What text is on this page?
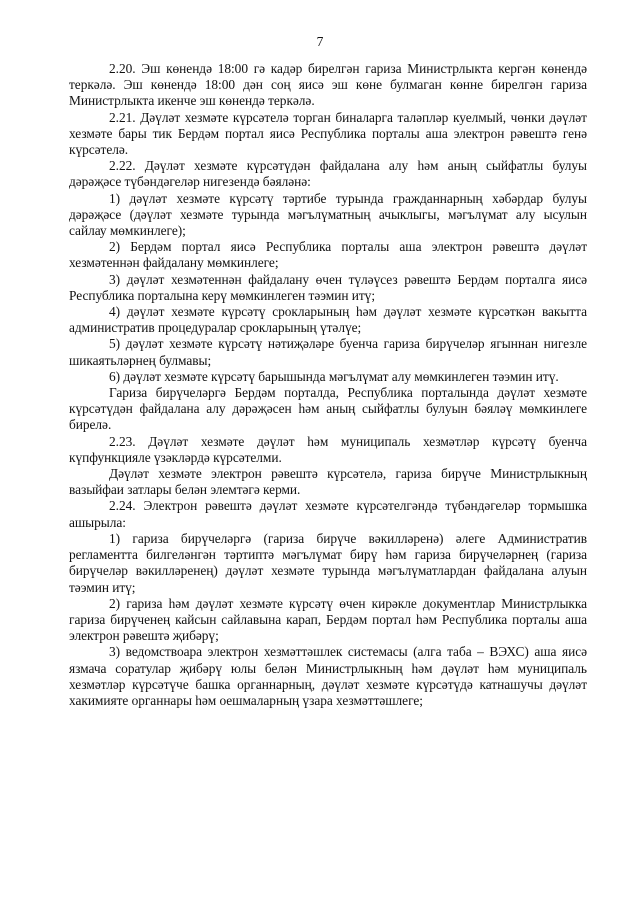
7

2.20. Эш көнендә 18:00 гә кадәр бирелгән гариза Министрлыкта кергән көнендә теркәлә. Эш көнендә 18:00 дән соң яисә эш көне булмаган көнне бирелгән гариза Министрлыкта икенче эш көнендә теркәлә.

2.21. Дәүләт хезмәте күрсәтелә торган биналарга таләпләр куелмый, чөнки дәүләт хезмәте бары тик Бердәм портал яисә Республика порталы аша электрон рәвештә генә күрсәтелә.

2.22. Дәүләт хезмәте күрсәтүдән файдалана алу һәм аның сыйфатлы булуы дәрәҗәсе түбәндәгеләр нигезендә бәяләнә:

1) дәүләт хезмәте күрсәтү тәртибе турында гражданнарның хәбәрдар булуы дәрәҗәсе (дәүләт хезмәте турында мәгълүматның ачыклыгы, мәгълүмат алу ысулын сайлау мөмкинлеге);

2) Бердәм портал яисә Республика порталы аша электрон рәвештә дәүләт хезмәтеннән файдалану мөмкинлеге;

3) дәүләт хезмәтеннән файдалану өчен түләүсез рәвештә Бердәм порталга яисә Республика порталына керү мөмкинлеген тәэмин итү;

4) дәүләт хезмәте күрсәтү срокларының һәм дәүләт хезмәте күрсәткән вакытта административ процедуралар срокларының үтәлүе;

5) дәүләт хезмәте күрсәтү нәтиҗәләре буенча гариза бирүчеләр ягыннан нигезле шикаятьләрнең булмавы;

6) дәүләт хезмәте күрсәтү барышында мәгълүмат алу мөмкинлеген тәэмин итү.

Гариза бирүчеләргә Бердәм порталда, Республика порталында дәүләт хезмәте күрсәтүдән файдалана алу дәрәҗәсен һәм аның сыйфатлы булуын бәяләү мөмкинлеге бирелә.

2.23. Дәүләт хезмәте дәүләт һәм муниципаль хезмәтләр күрсәтү буенча күпфункцияле үзәкләрдә күрсәтелми.

Дәүләт хезмәте электрон рәвештә күрсәтелә, гариза бирүче Министрлыкның вазыйфаи затлары белән элемтәгә керми.

2.24. Электрон рәвештә дәүләт хезмәте күрсәтелгәндә түбәндәгеләр тормышка ашырыла:

1) гариза бирүчеләргә (гариза бирүче вәкилләренә) әлеге Административ регламентта билгеләнгән тәртиптә мәгълүмат бирү һәм гариза бирүчеләрнең (гариза бирүчеләр вәкилләренең) дәүләт хезмәте турында мәгълүматлардан файдалана алуын тәэмин итү;

2) гариза һәм дәүләт хезмәте күрсәтү өчен кирәкле документлар Министрлыкка гариза бирүченең кайсын сайлавына карап, Бердәм портал һәм Республика порталы аша электрон рәвештә җибәрү;

3) ведомствоара электрон хезмәттәшлек системасы (алга таба – ВЭХС) аша яисә язмача соратулар җибәрү юлы белән Министрлыкның һәм дәүләт һәм муниципаль хезмәтләр күрсәтүче башка органнарның, дәүләт хезмәте күрсәтүдә катнашучы дәүләт хакимияте органнары һәм оешмаларның үзара хезмәттәшлеге;
